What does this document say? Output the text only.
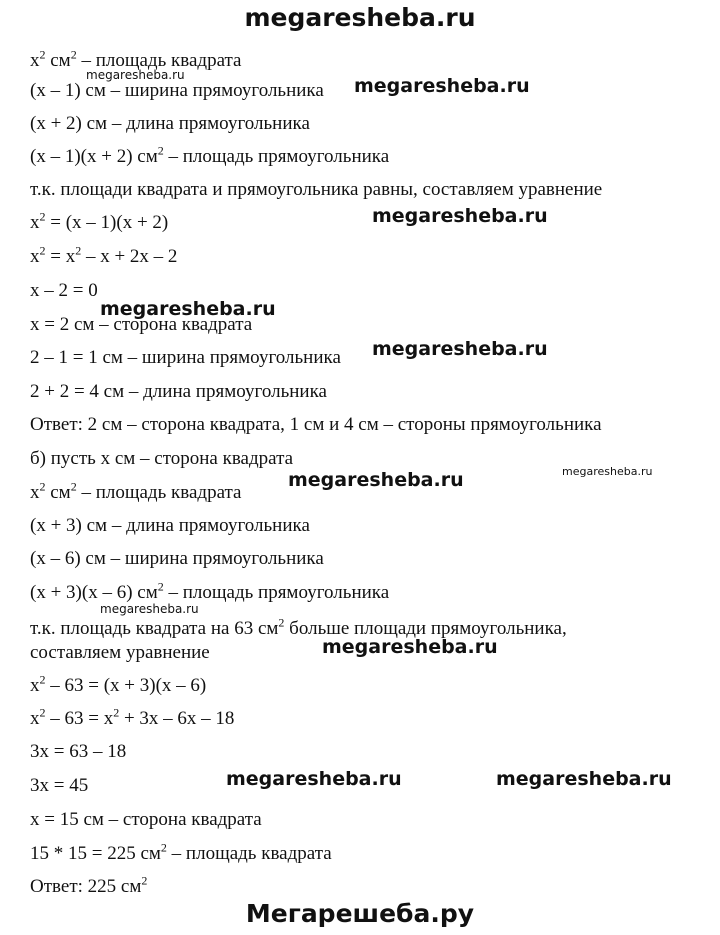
megaresheba.ru
$x^2$ $см^2$ – площадь квадрата
(x – 1) см – ширина прямоугольника
(x + 2) см – длина прямоугольника
(x – 1)(x + 2) $см^2$ – площадь прямоугольника
т.к. площади квадрата и прямоугольника равны, составляем уравнение
$x^2 = (x - 1)(x + 2)$
$x^2 = x^2 - x + 2x - 2$
x – 2 = 0
x = 2 см – сторона квадрата
2 – 1 = 1 см – ширина прямоугольника
2 + 2 = 4 см – длина прямоугольника
Ответ: 2 см – сторона квадрата, 1 см и 4 см – стороны прямоугольника
б) пусть x см – сторона квадрата
$x^2$ $см^2$ – площадь квадрата
(x + 3) см – длина прямоугольника
(x – 6) см – ширина прямоугольника
(x + 3)(x – 6) $см^2$ – площадь прямоугольника
т.к. площадь квадрата на 63 $см^2$ больше площади прямоугольника,
составляем уравнение
$x^2 - 63 = (x + 3)(x - 6)$
$x^2 - 63 = x^2 + 3x - 6x - 18$
3x = 63 – 18
3x = 45
x = 15 см – сторона квадрата
15 * 15 = 225 $см^2$ – площадь квадрата
Ответ: 225 $см^2$
megaresheba.ru	megaresheba.ru
megaresheba.ru
megaresheba.ru
megaresheba.ru
megaresheba.ru
megaresheba.ru
megaresheba.ru
megaresheba.ru
megaresheba.ru	megaresheba.ru
Мегарешеба.ру
